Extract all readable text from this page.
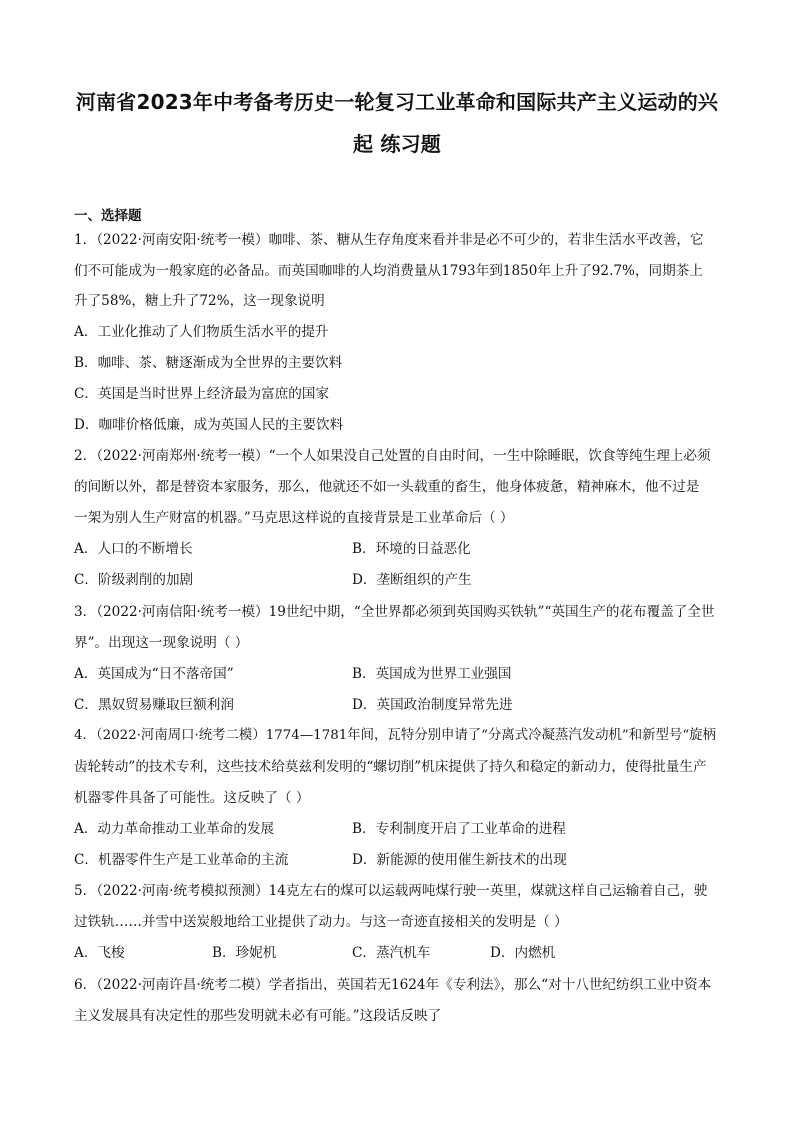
河南省2023年中考备考历史一轮复习工业革命和国际共产主义运动的兴
起 练习题
一、选择题
1．（2022·河南安阳·统考一模）咖啡、茶、糖从生存角度来看并非是必不可少的，若非生活水平改善，它
们不可能成为一般家庭的必备品。而英国咖啡的人均消费量从1793年到1850年上升了92.7%，同期茶上
升了58%，糖上升了72%，这一现象说明
A．工业化推动了人们物质生活水平的提升
B．咖啡、茶、糖逐渐成为全世界的主要饮料
C．英国是当时世界上经济最为富庶的国家
D．咖啡价格低廉，成为英国人民的主要饮料
2．（2022·河南郑州·统考一模）“一个人如果没自己处置的自由时间，一生中除睡眠，饮食等纯生理上必须
的间断以外，都是替资本家服务，那么，他就还不如一头载重的畜生，他身体疲惫，精神麻木，他不过是
一架为别人生产财富的机器。”马克思这样说的直接背景是工业革命后（ ）
A．人口的不断增长	B．环境的日益恶化
C．阶级剥削的加剧	D．垄断组织的产生
3．（2022·河南信阳·统考一模）19世纪中期，“全世界都必须到英国购买铁轨”“英国生产的花布覆盖了全世
界”。出现这一现象说明（ ）
A．英国成为“日不落帝国”	B．英国成为世界工业强国
C．黑奴贸易赚取巨额利润	D．英国政治制度异常先进
4．（2022·河南周口·统考二模）1774—1781年间，瓦特分别申请了“分离式冷凝蒸汽发动机”和新型号“旋柄
齿轮转动”的技术专利，这些技术给莫兹利发明的“螺切削”机床提供了持久和稳定的新动力，使得批量生产
机器零件具备了可能性。这反映了（ ）
A．动力革命推动工业革命的发展	B．专利制度开启了工业革命的进程
C．机器零件生产是工业革命的主流	D．新能源的使用催生新技术的出现
5．（2022·河南·统考模拟预测）14克左右的煤可以运载两吨煤行驶一英里，煤就这样自己运输着自己，驶
过铁轨……并雪中送炭般地给工业提供了动力。与这一奇迹直接相关的发明是（ ）
A．飞梭	B．珍妮机	C．蒸汽机车	D．内燃机
6．（2022·河南许昌·统考二模）学者指出，英国若无1624年《专利法》，那么“对十八世纪纺织工业中资本
主义发展具有决定性的那些发明就未必有可能。”这段话反映了
